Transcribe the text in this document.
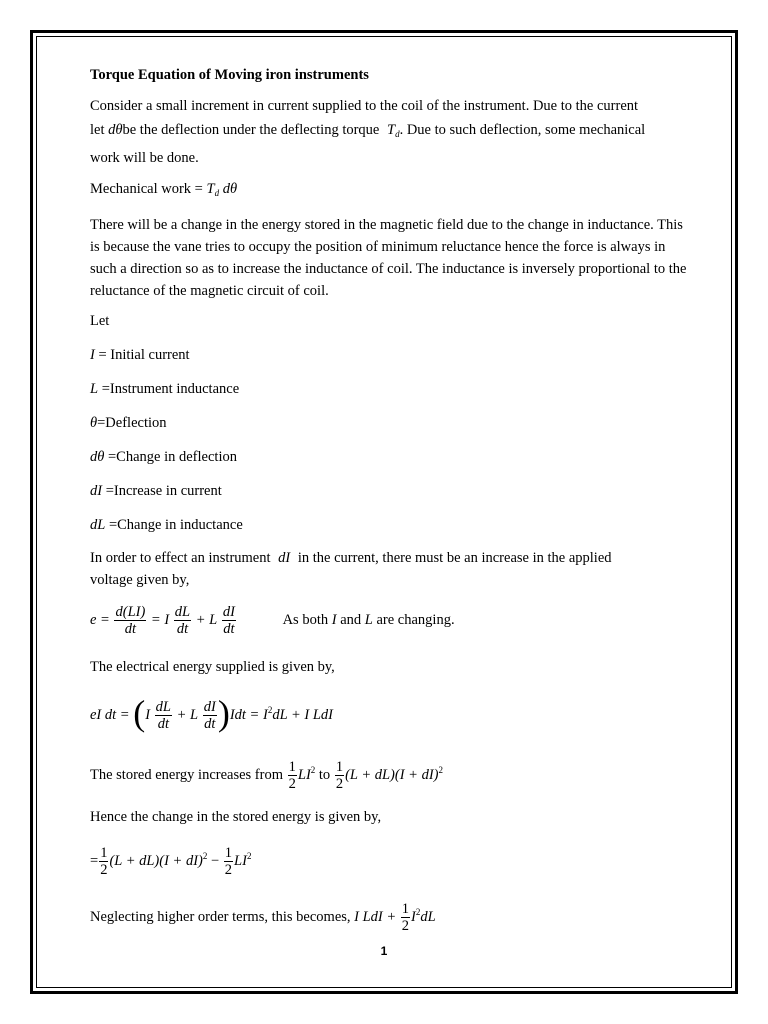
Torque Equation of Moving iron instruments
Consider a small increment in current supplied to the coil of the instrument. Due to the current
let dθbe the deflection under the deflecting torque $T_d$. Due to such deflection, some mechanical
work will be done.
Mechanical work = $T_d$ dθ
There will be a change in the energy stored in the magnetic field due to the change in inductance. This is because the vane tries to occupy the position of minimum reluctance hence the force is always in such a direction so as to increase the inductance of coil. The inductance is inversely proportional to the reluctance of the magnetic circuit of coil.
Let
I = Initial current
L =Instrument inductance
θ=Deflection
dθ =Change in deflection
dI =Increase in current
dL =Change in inductance
In order to effect an instrument dI in the current, there must be an increase in the applied
voltage given by,
$e = \frac{d(LI)}{dt} = I \frac{dL}{dt} + L \frac{dI}{dt}$	As both I and L are changing.
The electrical energy supplied is given by,
eI dt = $(I \frac{dL}{dt} + L \frac{dI}{dt} )Idt = I^2dL + I$ LdI
The stored energy increases from $\frac{1}{2} LI^2$ to $\frac{1}{2} (L + dL)(I + dI)^2$
Hence the change in the stored energy is given by,
= $\frac{1}{2} (L + dL)(I + dI)^2 - \frac{1}{2} LI^2$
Neglecting higher order terms, this becomes, I LdI + $\frac{1}{2} I^2dL$
1
